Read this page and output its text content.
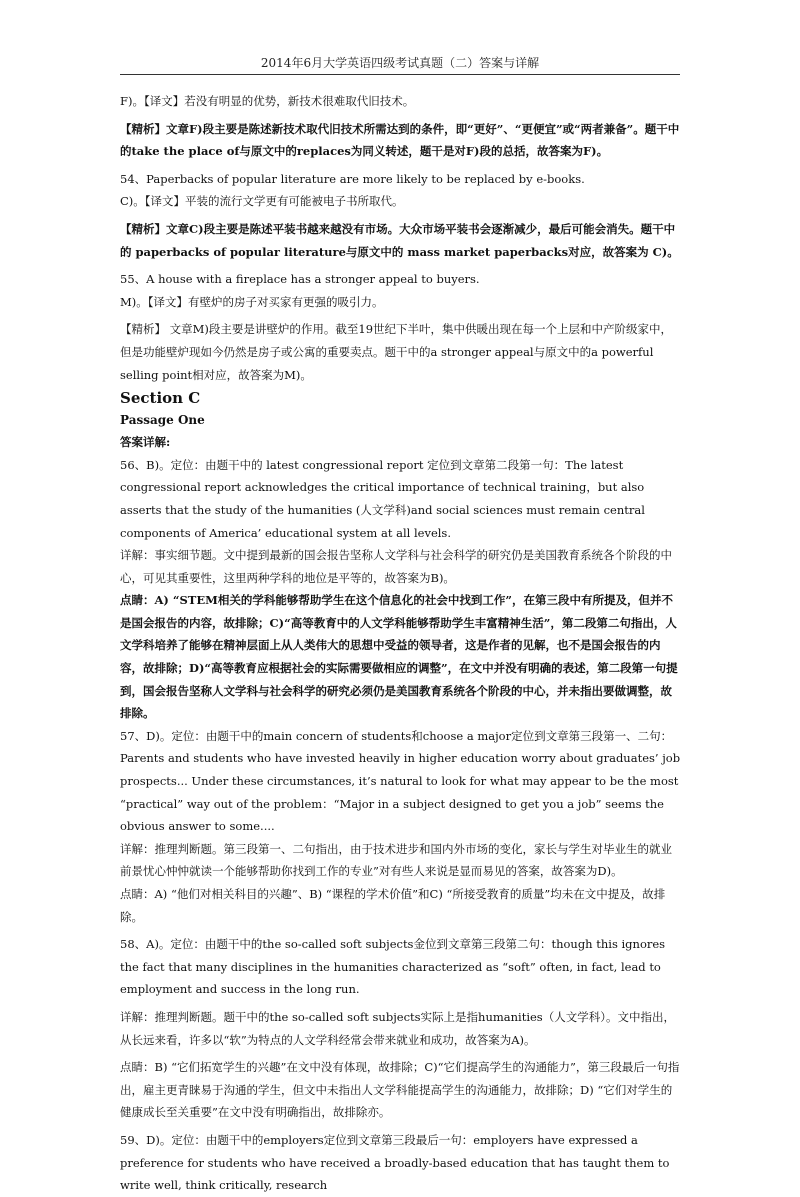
2014年6月大学英语四级考试真题（二）答案与详解

F)。【译文】若没有明显的优势，新技术很难取代旧技术。

【精析】文章F)段主要是陈述新技术取代旧技术所需达到的条件，即“更好”、“更便宜”或“两者兼备”。题干中的take the place of与原文中的replaces为同义转述，题干是对F)段的总括，故答案为F)。

54、Paperbacks of popular literature are more likely to be replaced by e-books.

C)。【译文】平装的流行文学更有可能被电子书所取代。

【精析】文章C)段主要是陈述平装书越来越没有市场。大众市场平装书会逐渐减少，最后可能会消失。题干中的 paperbacks of popular literature与原文中的 mass market paperbacks对应，故答案为 C)。

55、A house with a fireplace has a stronger appeal to buyers.

M)。【译文】有壁炉的房子对买家有更强的吸引力。

【精析】 文章M)段主要是讲壁炉的作用。截至19世纪下半叶，集中供暖出现在每一个上层和中产阶级家中，但是功能壁炉现如今仍然是房子或公寓的重要卖点。题干中的a stronger appeal与原文中的a powerful selling point相对应，故答案为M)。

Section C

Passage One

答案详解:

56、B)。定位：由题干中的 latest congressional report 定位到文章第二段第一句：The latest congressional report acknowledges the critical importance of technical training，but also asserts that the study of the humanities (人文学科)and social sciences must remain central components of America’ educational system at all levels.

详解：事实细节题。文中提到最新的国会报告坚称人文学科与社会科学的研究仍是美国教育系统各个阶段的中心，可见其重要性，这里两种学科的地位是平等的，故答案为B)。

点睛：A) “STEM相关的学科能够帮助学生在这个信息化的社会中找到工作”，在第三段中有所提及，但并不是国会报告的内容，故排除；C)“高等教育中的人文学科能够帮助学生丰富精神生活”，第二段第二句指出，人文学科培养了能够在精神层面上从人类伟大的思想中受益的领导者，这是作者的见解，也不是国会报告的内容，故排除；D)“高等教育应根据社会的实际需要做相应的调整”，在文中并没有明确的表述，第二段第一句提到，国会报告坚称人文学科与社会科学的研究必须仍是美国教育系统各个阶段的中心，并未指出要做调整，故排除。

57、D)。定位：由题干中的main concern of students和choose a major定位到文章第三段第一、二句：Parents and students who have invested heavily in higher education worry about graduates’ job prospects... Under these circumstances, it’s natural to look for what may appear to be the most “practical” way out of the problem：“Major in a subject designed to get you a job” seems the obvious answer to some....

详解：推理判断题。第三段第一、二句指出，由于技术进步和国内外市场的变化，家长与学生对毕业生的就业前景忧心忡忡就读一个能够帮助你找到工作的专业”对有些人来说是显而易见的答案，故答案为D)。

点睛：A) “他们对相关科目的兴趣”、B) “课程的学术价值”和C) “所接受教育的质量”均未在文中提及，故排除。

58、A)。定位：由题干中的the so-called soft subjects金位到文章第三段第二句：though this ignores the fact that many disciplines in the humanities characterized as “soft” often, in fact, lead to employment and success in the long run.

详解：推理判断题。题干中的the so-called soft subjects实际上是指humanities（人文学科）。文中指出，从长远来看，许多以“软”为特点的人文学科经常会带来就业和成功，故答案为A)。

点睛：B) “它们拓宽学生的兴趣”在文中没有体现，故排除；C)“它们提高学生的沟通能力”，第三段最后一句指出，雇主更青睐易于沟通的学生，但文中未指出人文学科能提高学生的沟通能力，故排除；D) “它们对学生的健康成长至关重要”在文中没有明确指出，故排除亦。

59、D)。定位：由题干中的employers定位到文章第三段最后一句：employers have expressed a preference for students who have received a broadly-based education that has taught them to write well, think critically, research
